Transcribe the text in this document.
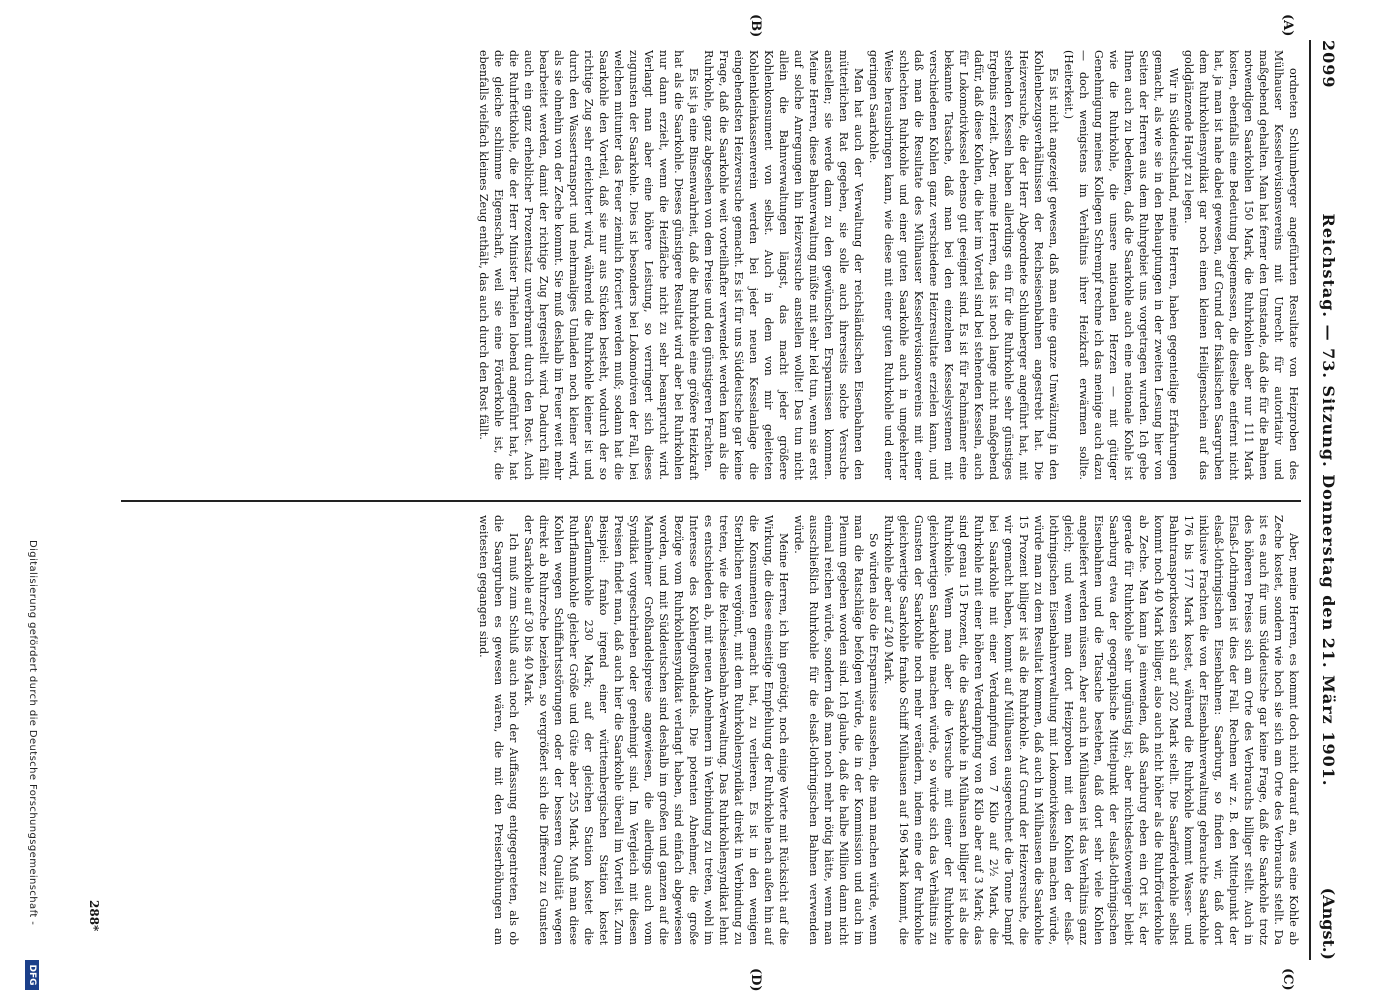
2099
Reichstag. — 73. Sitzung. Donnerstag den 21. März 1901.
(Angst.)
(A)
(B)
(C)
(D)

ordneten Schlumberger angeführten Resultate von Heizproben des Mülhauser Kesselrevisionsvereins mit Unrecht für autoritativ und maßgebend gehalten. Man hat ferner den Umstande, daß die für die Bahnen notwendigen Saarkohlen 150 Mark, die Ruhrkohlen aber nur 111 Mark kosten, ebenfalls eine Bedeutung beigemessen, die dieselbe entfernt nicht hat, ja man ist nahe dabei gewesen, auf Grund der fiskalischen Saargruben dem Ruhrkohlensyndikat gar noch einen kleinen Heiligenschein auf das goldglänzende Haupt zu legen.

Wir in Süddeutschland, meine Herren, haben gegenteilige Erfahrungen gemacht, als wie sie in den Behauptungen in der zweiten Lesung hier von Seiten der Herren aus dem Ruhrgebiet uns vorgetragen wurden. Ich gebe Ihnen auch zu bedenken, daß die Saarkohle auch eine nationale Kohle ist wie die Ruhrkohle, die unsere nationalen Herzen — mit gütiger Genehmigung meines Kollegen Schrempf rechne ich das meinige auch dazu — doch wenigstens im Verhältnis ihrer Heizkraft erwärmen sollte. (Heiterkeit.)

Es ist nicht angezeigt gewesen, daß man eine ganze Umwälzung in den Kohlenbezugsverhältnissen der Reichseisenbahnen angestrebt hat. Die Heizversuche, die der Herr Abgeordnete Schlumberger angeführt hat, mit stehenden Kesseln haben allerdings ein für die Ruhrkohle sehr günstiges Ergebnis erzielt. Aber, meine Herren, das ist noch lange nicht maßgebend dafür, daß diese Kohlen, die hier im Vorteil sind bei stehenden Kesseln, auch für Lokomotivkessel ebenso gut geeignet sind. Es ist für Fachmänner eine bekannte Tatsache, daß man bei den einzelnen Kesselsystemen mit verschiedenen Kohlen ganz verschiedene Heizresultate erzielen kann, und daß man die Resultate des Mülhauser Kesselrevisionsvereins mit einer schlechten Ruhrkohle und einer guten Saarkohle auch in umgekehrter Weise herausbringen kann, wie diese mit einer guten Ruhrkohle und einer geringen Saarkohle.

Man hat auch der Verwaltung der reichsländischen Eisenbahnen den mütterlichen Rat gegeben, sie solle auch ihrerseits solche Versuche anstellen; sie werde dann zu den gewünschten Ersparnissen kommen. Meine Herren, diese Bahnverwaltung müßte mit sehr leid tun, wenn sie erst auf solche Anregungen hin Heizversuche anstellen wollte! Das tun nicht allein die Bahnverwaltungen längst, das macht jeder größere Kohlenkonsument von selbst. Auch in dem von mir geleiteten Kohlenkleinkassenverein werden bei jeder neuen Kesselanlage die eingehendsten Heizversuche gemacht. Es ist für uns Süddeutsche gar keine Frage, daß die Saarkohle weit vorteilhafter verwendet werden kann als die Ruhrkohle, ganz abgesehen von dem Preise und den günstigeren Frachten.

Es ist ja eine Binsenwahrheit, daß die Ruhrkohle eine größere Heizkraft hat als die Saarkohle. Dieses günstigere Resultat wird aber bei Ruhrkohlen nur dann erzielt, wenn die Heizfläche nicht zu sehr beansprucht wird. Verlangt man aber eine höhere Leistung, so verringert sich dieses zugunsten der Saarkohle. Dies ist besonders bei Lokomotiven der Fall, bei welchen mitunter das Feuer ziemlich forciert werden muß; sodann hat die Saarkohle den Vorteil, daß sie nur aus Stücken besteht, wodurch der so richtige Zug sehr erleichtert wird, während die Ruhrkohle kleiner ist und durch den Wassertransport und mehrmaliges Umladen noch kleiner wird, als sie ohnehin von der Zeche kommt. Sie muß deshalb im Feuer weit mehr bearbeitet werden, damit der richtige Zug hergestellt wird. Dadurch fällt auch ein ganz erheblicher Prozentsatz unverbrannt durch den Rost. Auch die Ruhrfettkohle, die der Herr Minister Thielen lobend angeführt hat, hat die gleiche schlimme Eigenschaft, weil sie eine Förderkohle ist, die ebenfalls vielfach kleines Zeug enthält, das auch durch den Rost fällt.

Aber, meine Herren, es kommt doch nicht darauf an, was eine Kohle ab Zeche kostet, sondern wie hoch sie sich am Orte des Verbrauchs stellt. Da ist es auch für uns Süddeutsche gar keine Frage, daß die Saarkohle trotz des höheren Preises sich am Orte des Verbrauchs billiger stellt. Auch in Elsaß-Lothringen ist dies der Fall. Rechnen wir z. B. den Mittelpunkt der elsaß-lothringischen Eisenbahnen: Saarburg, so finden wir, daß dort inklusive Frachten die von der Eisenbahnverwaltung gebrauchte Saarkohle 176 bis 177 Mark kostet, während die Ruhrkohle kommt Wasser- und Bahntransportkosten sich auf 202 Mark stellt. Die Saarförderkohle selbst kommt noch 40 Mark billiger, also auch nicht höher als die Ruhrförderkohle ab Zeche. Man kann ja einwenden, daß Saarburg eben ein Ort ist, der gerade für Ruhrkohle sehr ungünstig ist; aber nichtsdestoweniger bleibt Saarburg etwa der geographische Mittelpunkt der elsaß-lothringischen Eisenbahnen und die Tatsache bestehen, daß dort sehr viele Kohlen angeliefert werden müssen. Aber auch in Mülhausen ist das Verhältnis ganz gleich; und wenn man dort Heizproben mit den Kohlen der elsaß-lothringischen Eisenbahnverwaltung mit Lokomotivkesseln machen würde, würde man zu dem Resultat kommen, daß auch in Mülhausen die Saarkohle 15 Prozent billiger ist als die Ruhrkohle. Auf Grund der Heizversuche, die wir gemacht haben, kommt auf Mülhausen ausgerechnet die Tonne Dampf bei Saarkohle mit einer Verdampfung von 7 Kilo auf 2½ Mark, die Ruhrkohle mit einer höheren Verdampfung von 8 Kilo aber auf 3 Mark; das sind genau 15 Prozent, die die Saarkohle in Mülhausen billiger ist als die Ruhrkohle. Wenn man aber die Versuche mit einer der Ruhrkohle gleichwertigen Saarkohle machen würde, so würde sich das Verhältnis zu Gunsten der Saarkohle noch mehr verändern, indem eine der Ruhrkohle gleichwertige Saarkohle franko Schiff Mülhausen auf 196 Mark kommt, die Ruhrkohle aber auf 240 Mark.

So würden also die Ersparnisse aussehen, die man machen würde, wenn man die Ratschläge befolgen würde, die in der Kommission und auch im Plenum gegeben worden sind. Ich glaube, daß die halbe Million dann nicht einmal reichen würde, sondern daß man noch mehr nötig hätte, wenn man ausschließlich Ruhrkohle für die elsaß-lothringischen Bahnen verwenden würde.

Meine Herren, ich bin genötigt, noch einige Worte mit Rücksicht auf die Wirkung, die diese einseitige Empfehlung der Ruhrkohle nach außen hin auf die Konsumenten gemacht hat, zu verlieren. Es ist in den wenigen Sterblichen vergönnt, mit dem Ruhrkohlensyndikat direkt in Verbindung zu treten, wie die Reichseisenbahn-Verwaltung. Das Ruhrkohlensyndikat lehnt es entschieden ab, mit neuen Abnehmern in Verbindung zu treten, wohl im Interesse des Kohlengroßhandels. Die potenten Abnehmer, die große Bezüge vom Ruhrkohlensyndikat verlangt haben, sind einfach abgewiesen worden, und mit Süddeutschen sind deshalb im großen und ganzen auf die Mannheimer Großhandelspreise angewiesen, die allerdings auch vom Syndikat vorgeschrieben oder genehmigt sind. Im Vergleich mit diesen Preisen findet man, daß auch hier die Saarkohle überall im Vorteil ist. Zum Beispiel: franko irgend einer württembergischen Station kostet Saarflammkohle 230 Mark; auf der gleichen Station kostet die Ruhrflammkohle gleicher Größe und Güte aber 255 Mark. Muß man diese Kohlen wegen Schiffahrtsstörungen oder der besseren Qualität wegen direkt ab Ruhrzeche beziehen, so vergrößert sich die Differenz zu Gunsten der Saarkohle auf 30 bis 40 Mark.

Ich muß zum Schluß auch noch der Auffassung entgegentreten, als ob die Saargruben es gewesen wären, die mit den Preiserhöhungen am weitesten gegangen sind.

288*
Digitalisierung gefördert durch die Deutsche Forschungsgemeinschaft -
DFG
